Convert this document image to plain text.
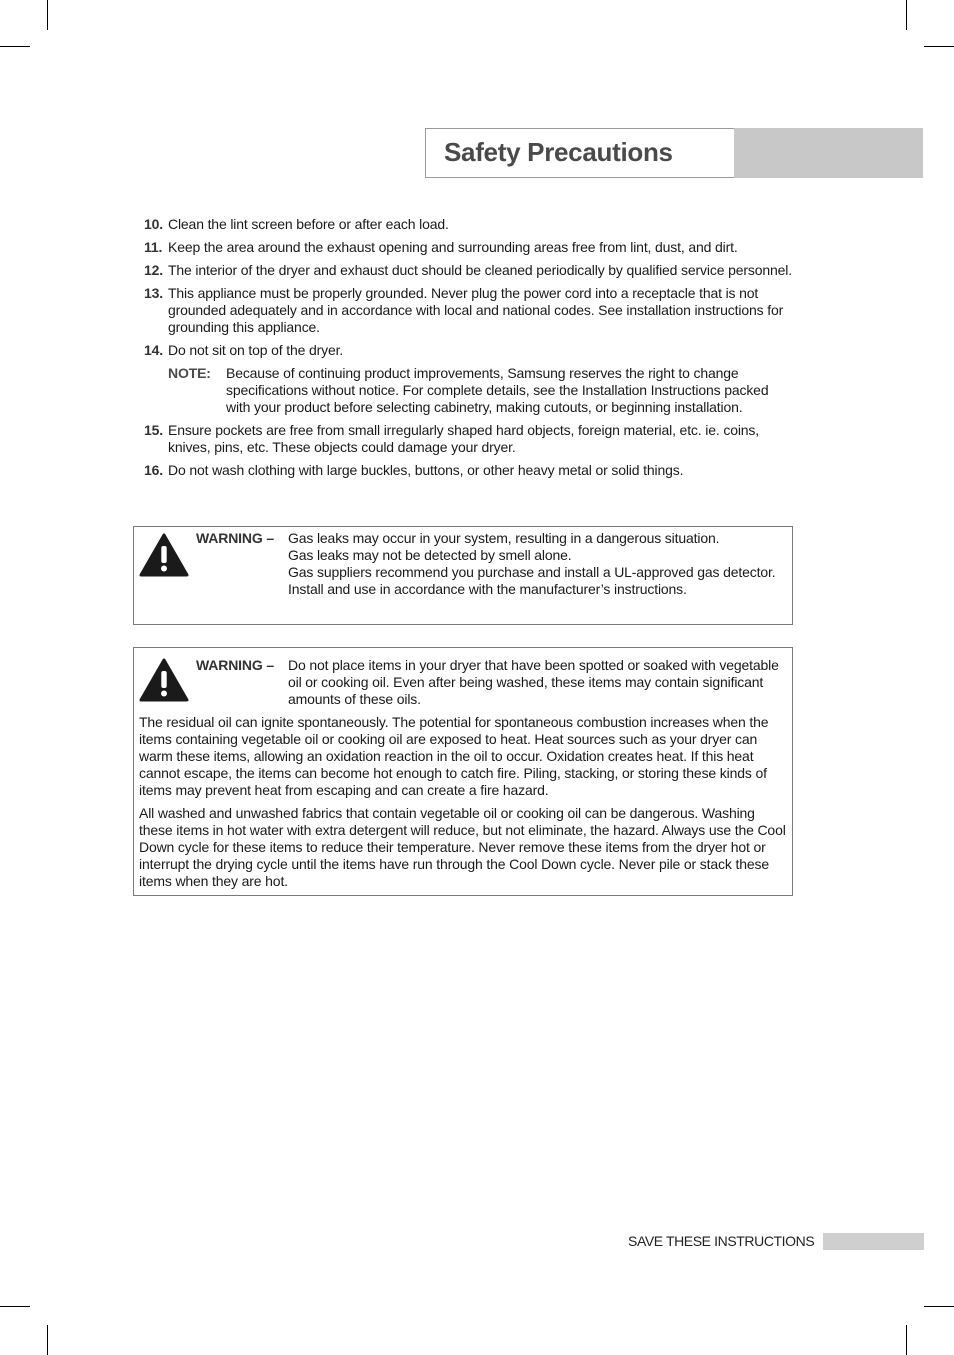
Safety Precautions
10. Clean the lint screen before or after each load.
11. Keep the area around the exhaust opening and surrounding areas free from lint, dust, and dirt.
12. The interior of the dryer and exhaust duct should be cleaned periodically by qualified service personnel.
13. This appliance must be properly grounded. Never plug the power cord into a receptacle that is not grounded adequately and in accordance with local and national codes. See installation instructions for grounding this appliance.
14. Do not sit on top of the dryer.
NOTE: Because of continuing product improvements, Samsung reserves the right to change specifications without notice. For complete details, see the Installation Instructions packed with your product before selecting cabinetry, making cutouts, or beginning installation.
15. Ensure pockets are free from small irregularly shaped hard objects, foreign material, etc. ie. coins, knives, pins, etc. These objects could damage your dryer.
16. Do not wash clothing with large buckles, buttons, or other heavy metal or solid things.
WARNING – Gas leaks may occur in your system, resulting in a dangerous situation.
Gas leaks may not be detected by smell alone.
Gas suppliers recommend you purchase and install a UL-approved gas detector.
Install and use in accordance with the manufacturer’s instructions.
WARNING – Do not place items in your dryer that have been spotted or soaked with vegetable oil or cooking oil. Even after being washed, these items may contain significant amounts of these oils.
The residual oil can ignite spontaneously. The potential for spontaneous combustion increases when the items containing vegetable oil or cooking oil are exposed to heat. Heat sources such as your dryer can warm these items, allowing an oxidation reaction in the oil to occur. Oxidation creates heat. If this heat cannot escape, the items can become hot enough to catch fire. Piling, stacking, or storing these kinds of items may prevent heat from escaping and can create a fire hazard.
All washed and unwashed fabrics that contain vegetable oil or cooking oil can be dangerous. Washing these items in hot water with extra detergent will reduce, but not eliminate, the hazard. Always use the Cool Down cycle for these items to reduce their temperature. Never remove these items from the dryer hot or interrupt the drying cycle until the items have run through the Cool Down cycle. Never pile or stack these items when they are hot.
SAVE THESE INSTRUCTIONS
